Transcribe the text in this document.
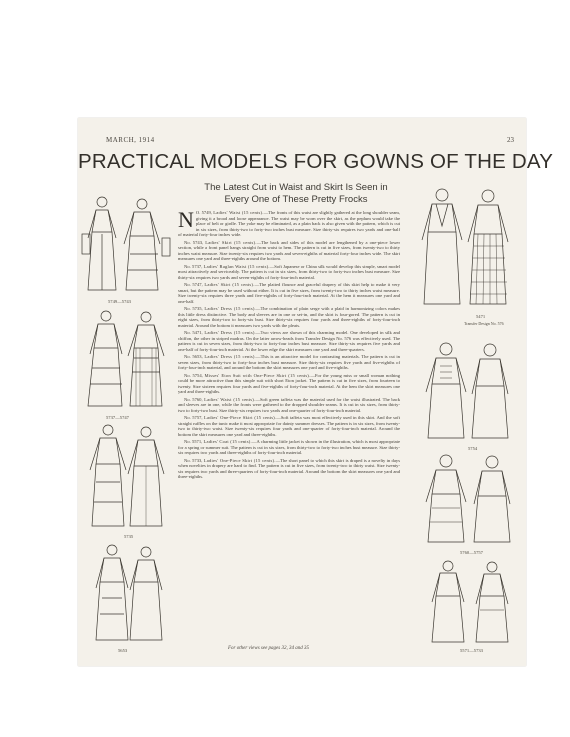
MARCH, 1914	23
PRACTICAL MODELS FOR GOWNS OF THE DAY
The Latest Cut in Waist and Skirt Is Seen in Every One of These Pretty Frocks
5749—5743
5737—5747
5735
5653

N O. 5749, Ladies' Waist (15 cents).—The fronts of this waist are slightly gathered at the long shoulder seam, giving it a broad and loose appearance. The waist may be worn over the skirt, as the peplum would take the place of belt or girdle. The yoke may be eliminated, as a plain back is also given with the pattern, which is cut in six sizes, from thirty-two to forty-two inches bust measure. Size thirty-six requires two yards and one-half of material forty-four inches wide.

No. 5743, Ladies' Skirt (15 cents).—The back and sides of this model are lengthened by a one-piece lower section, while a front panel hangs straight from waist to hem. The pattern is cut in five sizes, from twenty-two to thirty inches waist measure. Size twenty-six requires two yards and seven-eighths of material forty-four inches wide. The skirt measures one yard and three-eighths around the bottom.

No. 5737, Ladies' Raglan Waist (15 cents).—Soft Japanese or China silk would develop this simple, smart model most attractively and serviceably. The pattern is cut in six sizes, from thirty-two to forty-two inches bust measure. Size thirty-six requires two yards and seven-eighths of forty-four-inch material.

No. 5747, Ladies' Skirt (15 cents).—The plaited flounce and graceful drapery of this skirt help to make it very smart, but the pattern may be used without either. It is cut in five sizes, from twenty-two to thirty inches waist measure. Size twenty-six requires three yards and five-eighths of forty-four-inch material. At the hem it measures one yard and one-half.

No. 5735, Ladies' Dress (15 cents).—The combination of plain serge with a plaid in harmonizing colors makes this little dress distinctive. The body and sleeves are in one or set-in, and the skirt is four-gored. The pattern is cut in eight sizes, from thirty-two to forty-six bust. Size thirty-six requires four yards and three-eighths of forty-four-inch material. Around the bottom it measures two yards with the pleats.

No. 5471, Ladies' Dress (15 cents).—Two views are shown of this charming model. One developed in silk and chiffon, the other in striped madras. On the latter arrow-heads from Transfer Design No. 576 was effectively used. The pattern is cut in seven sizes, from thirty-two to forty-four inches bust measure. Size thirty-six requires five yards and one-half of forty-four-inch material. At the lower edge the skirt measures one yard and three-quarters.

No. 5653, Ladies' Dress (15 cents).—This is an attractive model for contrasting materials. The pattern is cut in seven sizes, from thirty-two to forty-four inches bust measure. Size thirty-six requires five yards and five-eighths of forty-four-inch material, and around the bottom the skirt measures one yard and five-eighths.

No. 5754, Misses' Eton Suit with One-Piece Skirt (15 cents).—For the young miss or small woman nothing could be more attractive than this simple suit with short Eton jacket. The pattern is cut in five sizes, from fourteen to twenty. Size sixteen requires four yards and five-eighths of forty-four-inch material. At the hem the skirt measures one yard and three-eighths.

No. 5760, Ladies' Waist (15 cents).—Soft green taffeta was the material used for the waist illustrated. The back and sleeves are in one, while the fronts were gathered to the dropped shoulder seams. It is cut in six sizes, from thirty-two to forty-two bust. Size thirty-six requires two yards and one-quarter of forty-four-inch material.

No. 5757, Ladies' One-Piece Skirt (15 cents).—Soft taffeta was most effectively used in this skirt. And the soft straight ruffles on the tunic make it most appropriate for dainty summer dresses. The pattern is in six sizes, from twenty-two to thirty-two waist. Size twenty-six requires four yards and one-quarter of forty-four-inch material. Around the bottom the skirt measures one yard and three-eighths.

No. 5571, Ladies' Coat (15 cents).—A charming little jacket is shown in the illustration, which is most appropriate for a spring or summer suit. The pattern is cut in six sizes, from thirty-two to forty-two inches bust measure. Size thirty-six requires two yards and three-eighths of forty-four-inch material.

No. 5733, Ladies' One-Piece Skirt (15 cents).—The short panel to which this skirt is draped is a novelty in days when novelties in drapery are hard to find. The pattern is cut in five sizes, from twenty-two to thirty waist. Size twenty-six requires two yards and three-quarters of forty-four-inch material. Around the bottom the skirt measures one yard and three-eighths.

5471
Transfer Design No. 576
5754
5760—5757
5571—5733
For other views see pages 32, 34 and 35
